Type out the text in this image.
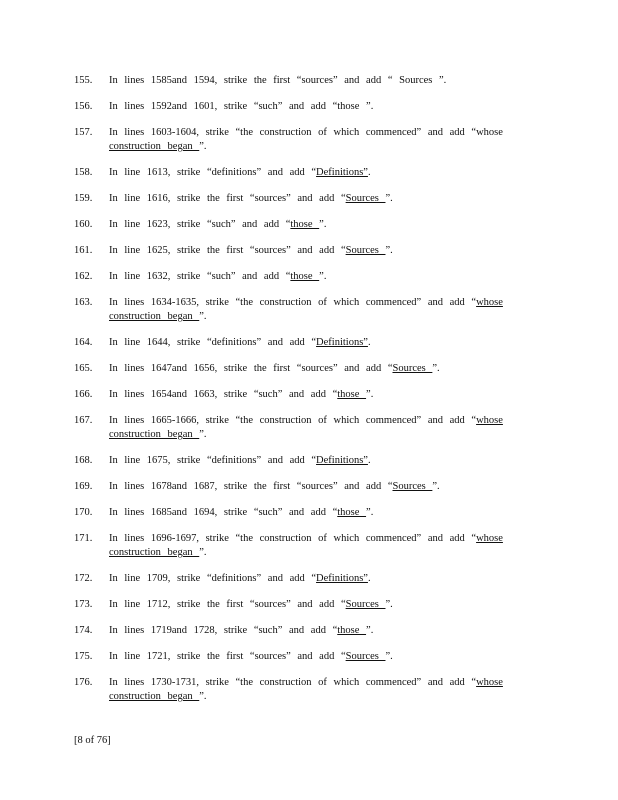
[8 of 76]
155.	In lines 1585and 1594, strike the first “sources” and add “ Sources ”.
156.	In lines 1592and 1601, strike “such” and add “those ”.
157.	In lines 1603-1604, strike “the construction of which commenced” and add “whose construction began ”.
158.	In line 1613, strike “definitions” and add “Definitions”.
159.	In line 1616, strike the first “sources” and add “Sources ”.
160.	In line 1623, strike “such” and add “those ”.
161.	In line 1625, strike the first “sources” and add “Sources ”.
162.	In line 1632, strike “such” and add “those ”.
163.	In lines 1634-1635, strike “the construction of which commenced” and add “whose construction began ”.
164.	In line 1644, strike “definitions” and add “Definitions”.
165.	In lines 1647and 1656, strike the first “sources” and add “Sources ”.
166.	In lines 1654and 1663, strike “such” and add “those ”.
167.	In lines 1665-1666, strike “the construction of which commenced” and add “whose construction began ”.
168.	In line 1675, strike “definitions” and add “Definitions”.
169.	In lines 1678and 1687, strike the first “sources” and add “Sources ”.
170.	In lines 1685and 1694, strike “such” and add “those ”.
171.	In lines 1696-1697, strike “the construction of which commenced” and add “whose construction began ”.
172.	In line 1709, strike “definitions” and add “Definitions”.
173.	In line 1712, strike the first “sources” and add “Sources ”.
174.	In lines 1719and 1728, strike “such” and add “those ”.
175.	In line 1721, strike the first “sources” and add “Sources ”.
176.	In lines 1730-1731, strike “the construction of which commenced” and add “whose construction began ”.
